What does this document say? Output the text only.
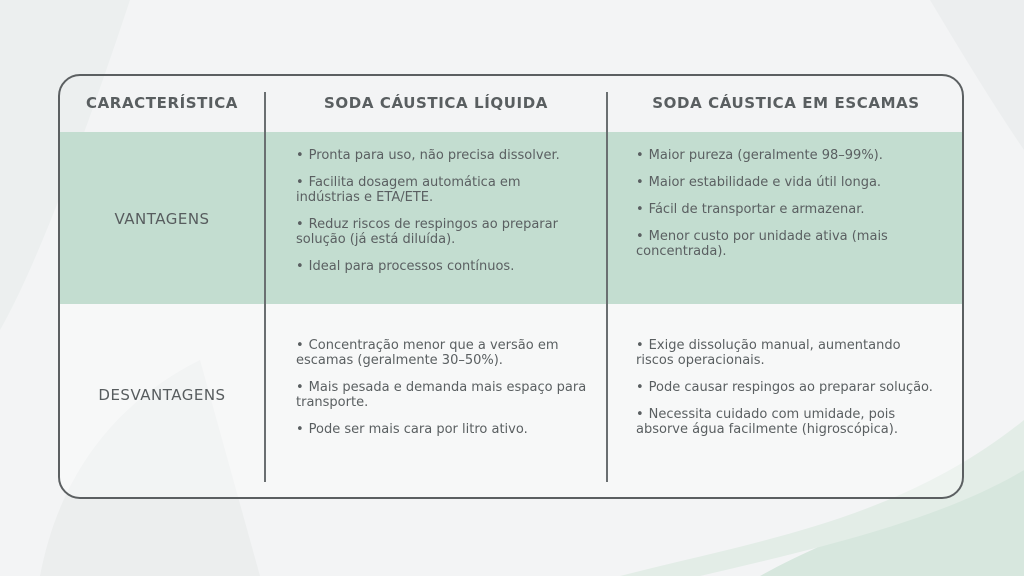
CARACTERÍSTICA	SODA CÁUSTICA LÍQUIDA	SODA CÁUSTICA EM ESCAMAS
VANTAGENS
DESVANTAGENS
• Pronta para uso, não precisa dissolver.
• Facilita dosagem automática em indústrias e ETA/ETE.
• Reduz riscos de respingos ao preparar solução (já está diluída).
• Ideal para processos contínuos.
• Maior pureza (geralmente 98–99%).
• Maior estabilidade e vida útil longa.
• Fácil de transportar e armazenar.
• Menor custo por unidade ativa (mais concentrada).
• Concentração menor que a versão em escamas (geralmente 30–50%).
• Mais pesada e demanda mais espaço para transporte.
• Pode ser mais cara por litro ativo.
• Exige dissolução manual, aumentando riscos operacionais.
• Pode causar respingos ao preparar solução.
• Necessita cuidado com umidade, pois absorve água facilmente (higroscópica).
